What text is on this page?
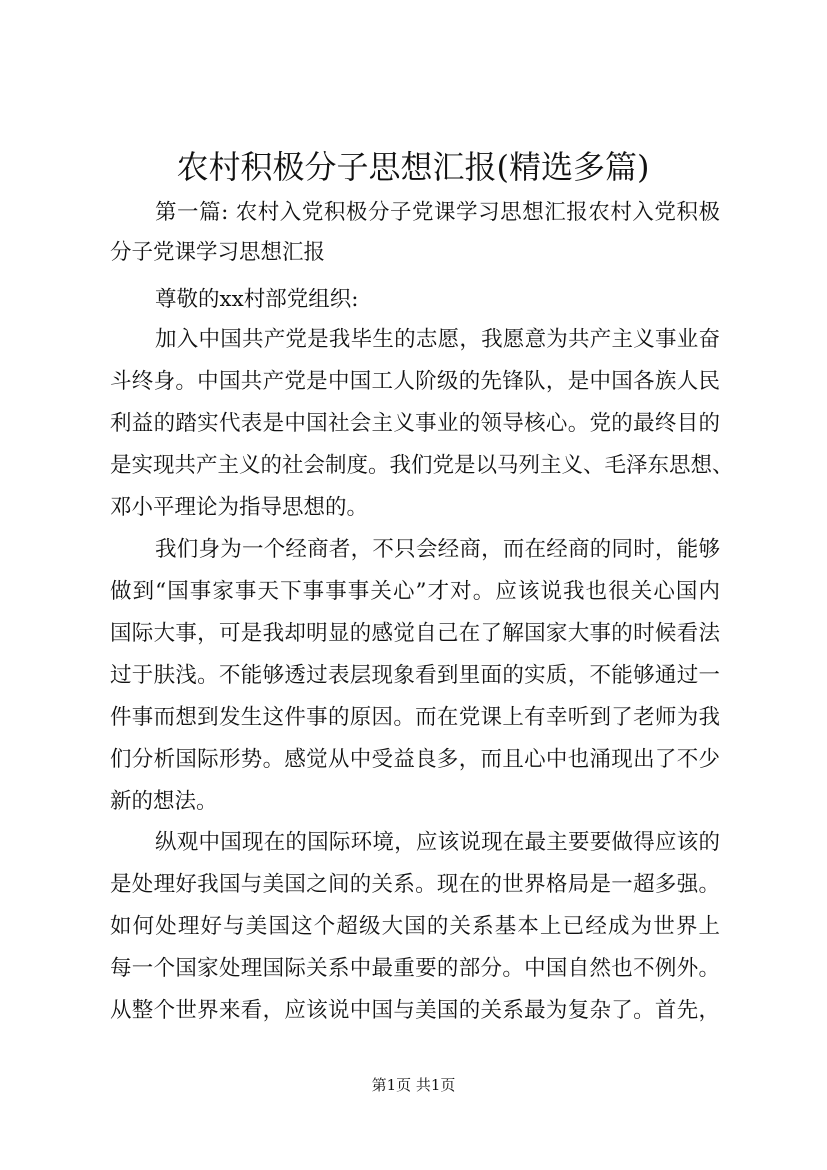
农村积极分子思想汇报(精选多篇)
第一篇: 农村入党积极分子党课学习思想汇报农村入党积极
分子党课学习思想汇报
尊敬的xx村部党组织:
加入中国共产党是我毕生的志愿，我愿意为共产主义事业奋
斗终身。中国共产党是中国工人阶级的先锋队，是中国各族人民
利益的踏实代表是中国社会主义事业的领导核心。党的最终目的
是实现共产主义的社会制度。我们党是以马列主义、毛泽东思想、
邓小平理论为指导思想的。
我们身为一个经商者，不只会经商，而在经商的同时，能够
做到“国事家事天下事事事关心”才对。应该说我也很关心国内
国际大事，可是我却明显的感觉自己在了解国家大事的时候看法
过于肤浅。不能够透过表层现象看到里面的实质，不能够通过一
件事而想到发生这件事的原因。而在党课上有幸听到了老师为我
们分析国际形势。感觉从中受益良多，而且心中也涌现出了不少
新的想法。
纵观中国现在的国际环境，应该说现在最主要要做得应该的
是处理好我国与美国之间的关系。现在的世界格局是一超多强。
如何处理好与美国这个超级大国的关系基本上已经成为世界上
每一个国家处理国际关系中最重要的部分。中国自然也不例外。
从整个世界来看，应该说中国与美国的关系最为复杂了。首先，
第1页 共1页
